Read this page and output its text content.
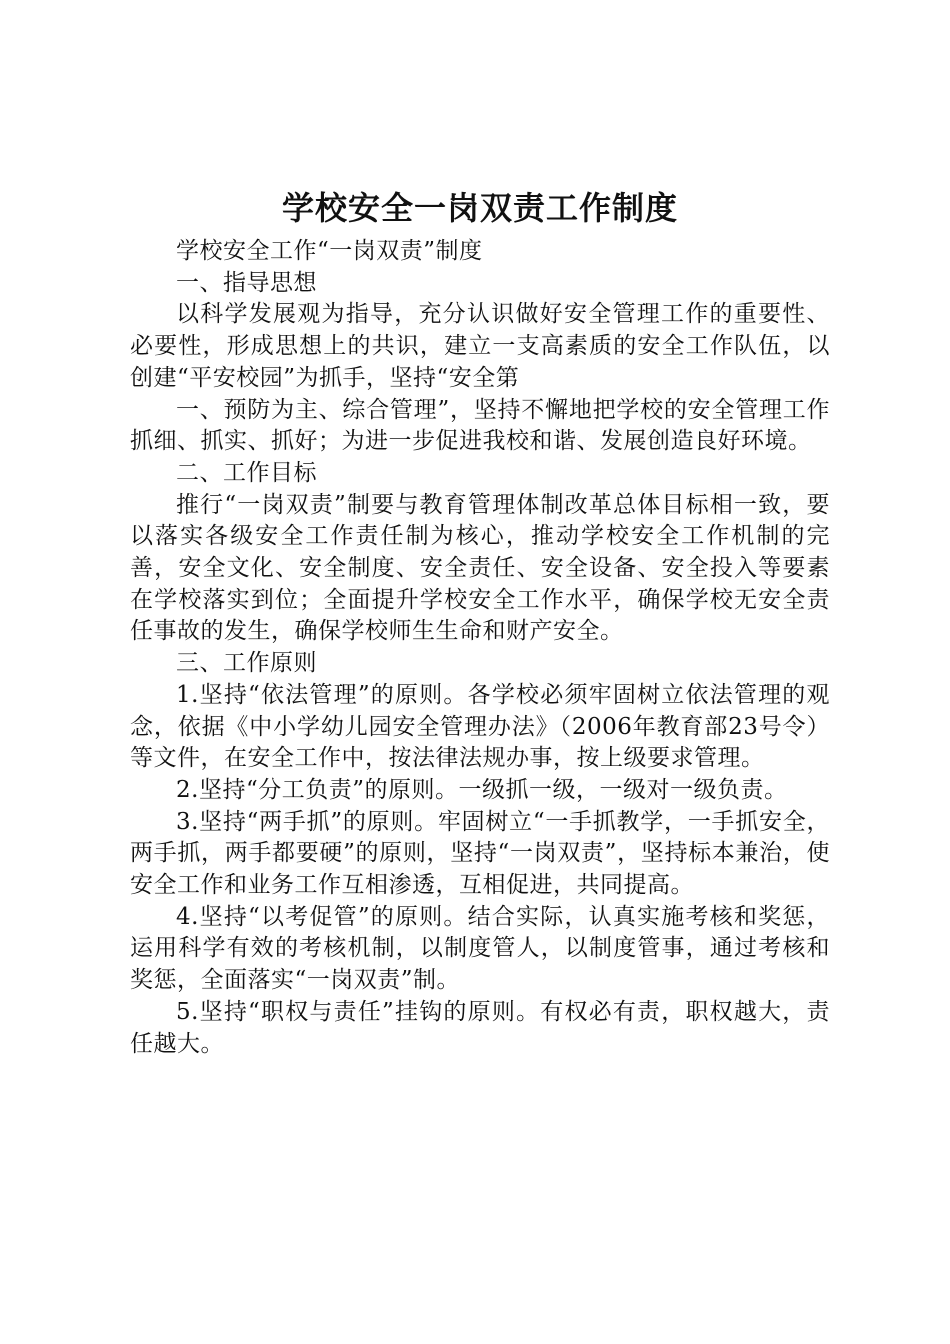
学校安全一岗双责工作制度

学校安全工作“一岗双责”制度

一、指导思想

以科学发展观为指导，充分认识做好安全管理工作的重要性、必要性，形成思想上的共识，建立一支高素质的安全工作队伍，以创建“平安校园”为抓手，坚持“安全第

一、预防为主、综合管理”，坚持不懈地把学校的安全管理工作抓细、抓实、抓好；为进一步促进我校和谐、发展创造良好环境。

二、工作目标

推行“一岗双责”制要与教育管理体制改革总体目标相一致，要以落实各级安全工作责任制为核心，推动学校安全工作机制的完善，安全文化、安全制度、安全责任、安全设备、安全投入等要素在学校落实到位；全面提升学校安全工作水平，确保学校无安全责任事故的发生，确保学校师生生命和财产安全。

三、工作原则

1.坚持“依法管理”的原则。各学校必须牢固树立依法管理的观念，依据《中小学幼儿园安全管理办法》（2006年教育部23号令）等文件，在安全工作中，按法律法规办事，按上级要求管理。

2.坚持“分工负责”的原则。一级抓一级，一级对一级负责。

3.坚持“两手抓”的原则。牢固树立“一手抓教学，一手抓安全，两手抓，两手都要硬”的原则，坚持“一岗双责”，坚持标本兼治，使安全工作和业务工作互相渗透，互相促进，共同提高。

4.坚持“以考促管”的原则。结合实际，认真实施考核和奖惩，运用科学有效的考核机制，以制度管人，以制度管事，通过考核和奖惩，全面落实“一岗双责”制。

5.坚持“职权与责任”挂钩的原则。有权必有责，职权越大，责任越大。
